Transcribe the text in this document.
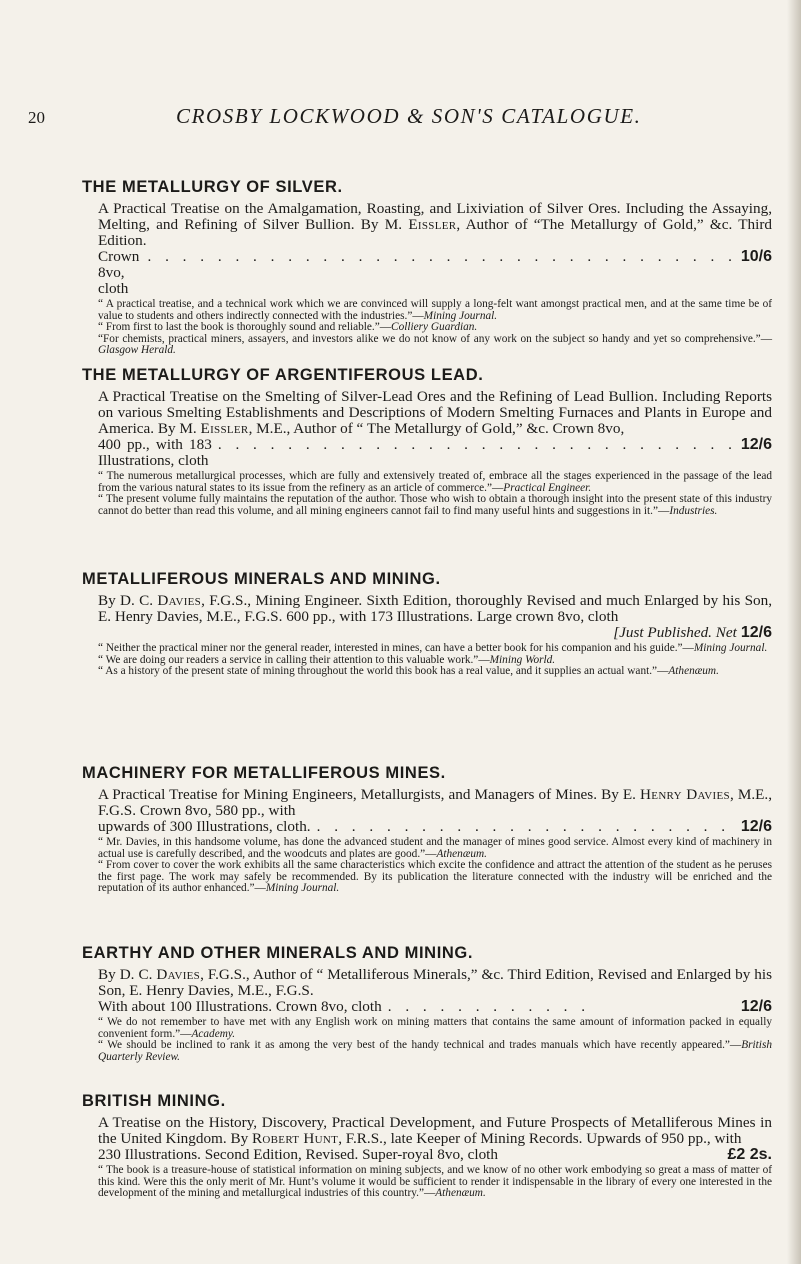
20	CROSBY LOCKWOOD & SON'S CATALOGUE.
THE METALLURGY OF SILVER.
A Practical Treatise on the Amalgamation, Roasting, and Lixiviation of Silver Ores. Including the Assaying, Melting, and Refining of Silver Bullion. By M. Eissler, Author of “The Metallurgy of Gold,” &c. Third Edition.
Crown 8vo, cloth
. . . . . . . . . . . . . . . . . . . . . . . . . . . . . . . . . . 10/6

“ A practical treatise, and a technical work which we are convinced will supply a long-felt want amongst practical men, and at the same time be of value to students and others indirectly connected with the industries.”—Mining Journal.

“ From first to last the book is thoroughly sound and reliable.”—Colliery Guardian.

“For chemists, practical miners, assayers, and investors alike we do not know of any work on the subject so handy and yet so comprehensive.”—Glasgow Herald.

THE METALLURGY OF ARGENTIFEROUS LEAD.
A Practical Treatise on the Smelting of Silver-Lead Ores and the Refining of Lead Bullion. Including Reports on various Smelting Establishments and Descriptions of Modern Smelting Furnaces and Plants in Europe and America. By M. Eissler, M.E., Author of “ The Metallurgy of Gold,” &c. Crown 8vo,
400 pp., with 183 Illustrations, cloth
. . . . . . . . . . . . . . . . . . . . . . . . . . . . . . 12/6

“ The numerous metallurgical processes, which are fully and extensively treated of, embrace all the stages experienced in the passage of the lead from the various natural states to its issue from the refinery as an article of commerce.”—Practical Engineer.

“ The present volume fully maintains the reputation of the author. Those who wish to obtain a thorough insight into the present state of this industry cannot do better than read this volume, and all mining engineers cannot fail to find many useful hints and suggestions in it.”—Industries.

METALLIFEROUS MINERALS AND MINING.
By D. C. Davies, F.G.S., Mining Engineer. Sixth Edition, thoroughly Revised and much Enlarged by his Son, E. Henry Davies, M.E., F.G.S. 600 pp., with 173 Illustrations. Large crown 8vo, cloth
[Just Published. Net 12/6

“ Neither the practical miner nor the general reader, interested in mines, can have a better book for his companion and his guide.”—Mining Journal.

“ We are doing our readers a service in calling their attention to this valuable work.”—Mining World.

“ As a history of the present state of mining throughout the world this book has a real value, and it supplies an actual want.”—Athenæum.

MACHINERY FOR METALLIFEROUS MINES.
A Practical Treatise for Mining Engineers, Metallurgists, and Managers of Mines. By E. Henry Davies, M.E., F.G.S. Crown 8vo, 580 pp., with
upwards of 300 Illustrations, cloth. . . . . . . . . . . . . . . . . . . . . . . . . 12/6

“ Mr. Davies, in this handsome volume, has done the advanced student and the manager of mines good service. Almost every kind of machinery in actual use is carefully described, and the woodcuts and plates are good.”—Athenæum.

“ From cover to cover the work exhibits all the same characteristics which excite the confidence and attract the attention of the student as he peruses the first page. The work may safely be recommended. By its publication the literature connected with the industry will be enriched and the reputation of its author enhanced.”—Mining Journal.

EARTHY AND OTHER MINERALS AND MINING.
By D. C. Davies, F.G.S., Author of “ Metalliferous Minerals,” &c. Third Edition, Revised and Enlarged by his Son, E. Henry Davies, M.E., F.G.S.
With about 100 Illustrations. Crown 8vo, cloth . . . . . . . . . . . .	12/6

“ We do not remember to have met with any English work on mining matters that contains the same amount of information packed in equally convenient form.”—Academy.

“ We should be inclined to rank it as among the very best of the handy technical and trades manuals which have recently appeared.”—British Quarterly Review.

BRITISH MINING.
A Treatise on the History, Discovery, Practical Development, and Future Prospects of Metalliferous Mines in the United Kingdom. By Robert Hunt, F.R.S., late Keeper of Mining Records. Upwards of 950 pp., with
230 Illustrations. Second Edition, Revised. Super-royal 8vo, cloth	£2 2s.

“ The book is a treasure-house of statistical information on mining subjects, and we know of no other work embodying so great a mass of matter of this kind. Were this the only merit of Mr. Hunt’s volume it would be sufficient to render it indispensable in the library of every one interested in the development of the mining and metallurgical industries of this country.”—Athenæum.
